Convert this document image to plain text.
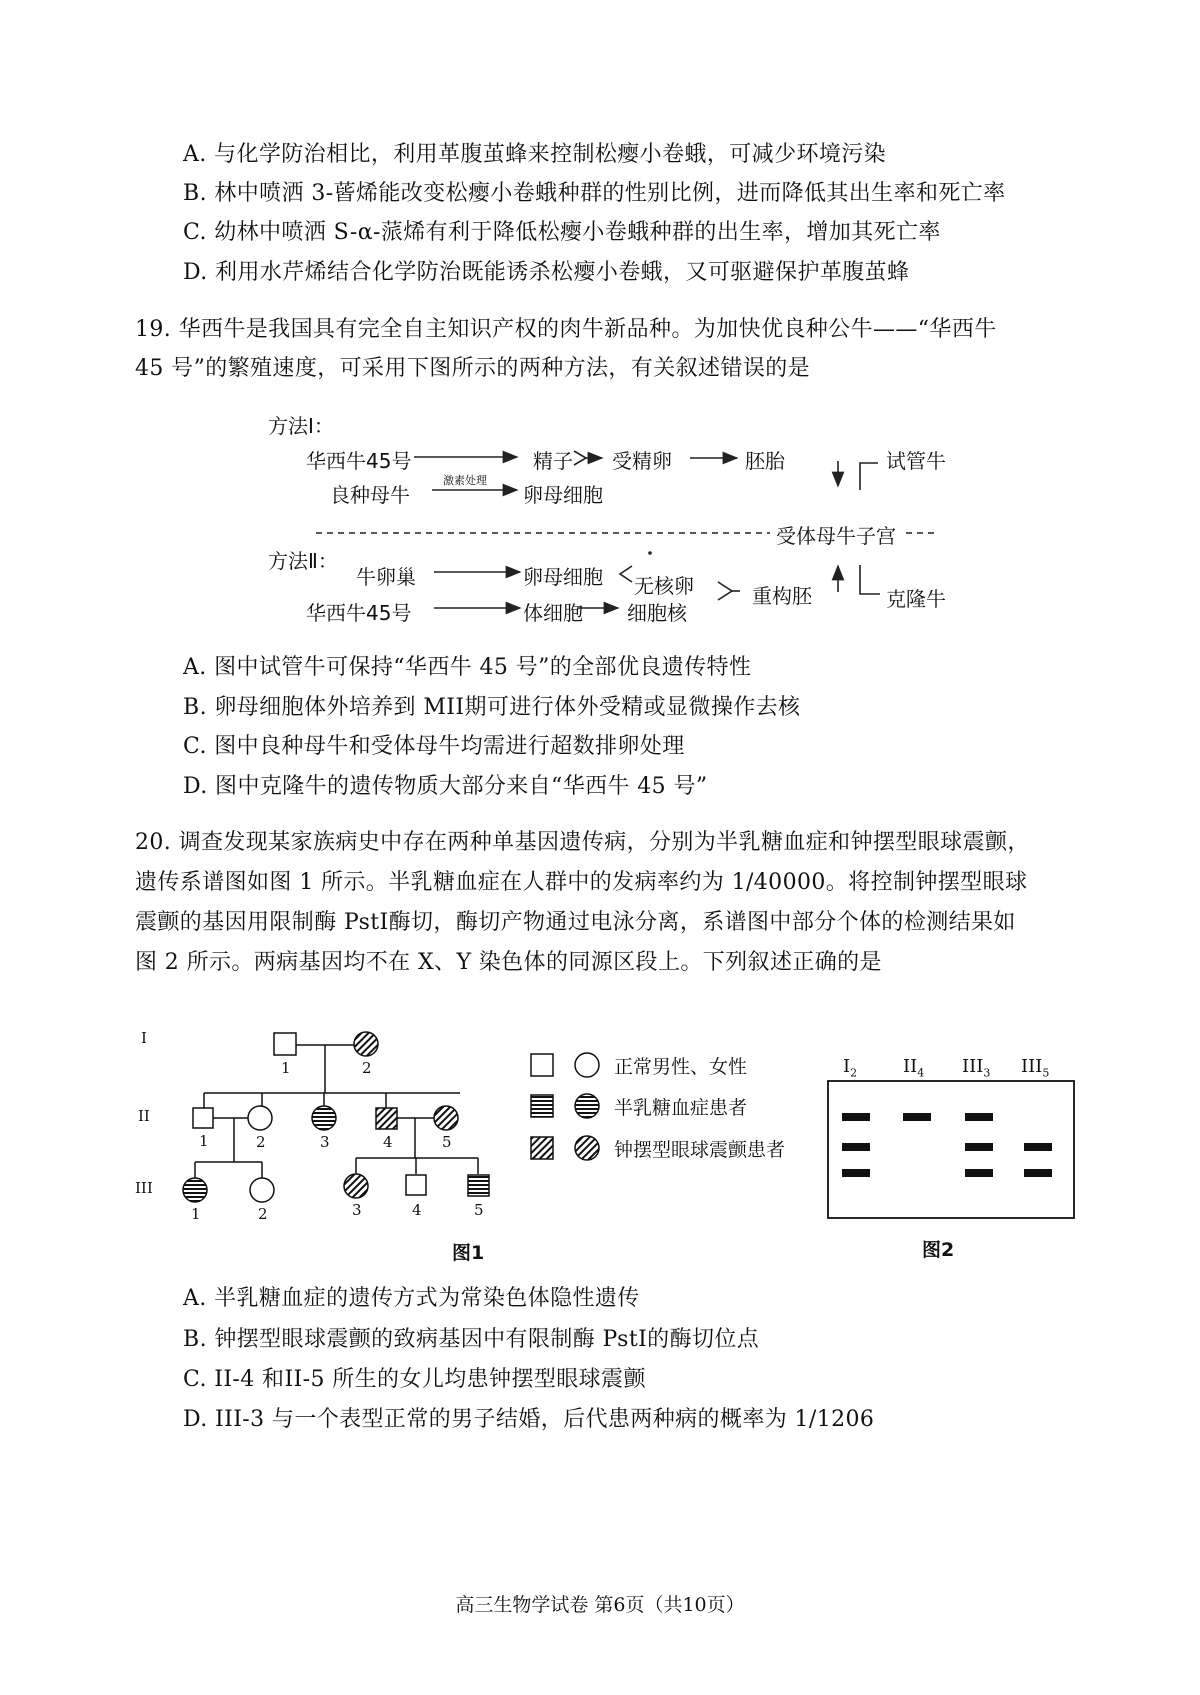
A. 与化学防治相比，利用革腹茧蜂来控制松瘿小卷蛾，可减少环境污染
B. 林中喷洒 3-蒈烯能改变松瘿小卷蛾种群的性别比例，进而降低其出生率和死亡率
C. 幼林中喷洒 S-α-蒎烯有利于降低松瘿小卷蛾种群的出生率，增加其死亡率
D. 利用水芹烯结合化学防治既能诱杀松瘿小卷蛾，又可驱避保护革腹茧蜂
19. 华西牛是我国具有完全自主知识产权的肉牛新品种。为加快优良种公牛——“华西牛
45 号”的繁殖速度，可采用下图所示的两种方法，有关叙述错误的是
方法Ⅰ：
华西牛45号	精子 受精卵	胚胎	试管牛
良种母牛
激素处理
卵母细胞
受体母牛子宫
方法Ⅱ：
牛卵巢	卵母细胞 无核卵	重构胚	克隆牛
华西牛45号	体细胞 细胞核
A. 图中试管牛可保持“华西牛 45 号”的全部优良遗传特性
B. 卵母细胞体外培养到 MII期可进行体外受精或显微操作去核
C. 图中良种母牛和受体母牛均需进行超数排卵处理
D. 图中克隆牛的遗传物质大部分来自“华西牛 45 号”
20. 调查发现某家族病史中存在两种单基因遗传病，分别为半乳糖血症和钟摆型眼球震颤，
遗传系谱图如图 1 所示。半乳糖血症在人群中的发病率约为 1/40000。将控制钟摆型眼球
震颤的基因用限制酶 PstI酶切，酶切产物通过电泳分离，系谱图中部分个体的检测结果如
图 2 所示。两病基因均不在 X、Y 染色体的同源区段上。下列叙述正确的是
I
II
III
1	2
1	2	3	4	5
1	2	3	4	5
图1
正常男性、女性
半乳糖血症患者
钟摆型眼球震颤患者
$I_2$	$II_4$ $III_3$ $III_5$
图2
A. 半乳糖血症的遗传方式为常染色体隐性遗传
B. 钟摆型眼球震颤的致病基因中有限制酶 PstI的酶切位点
C. II-4 和II-5 所生的女儿均患钟摆型眼球震颤
D. III-3 与一个表型正常的男子结婚，后代患两种病的概率为 1/1206
高三生物学试卷 第6页（共10页）
